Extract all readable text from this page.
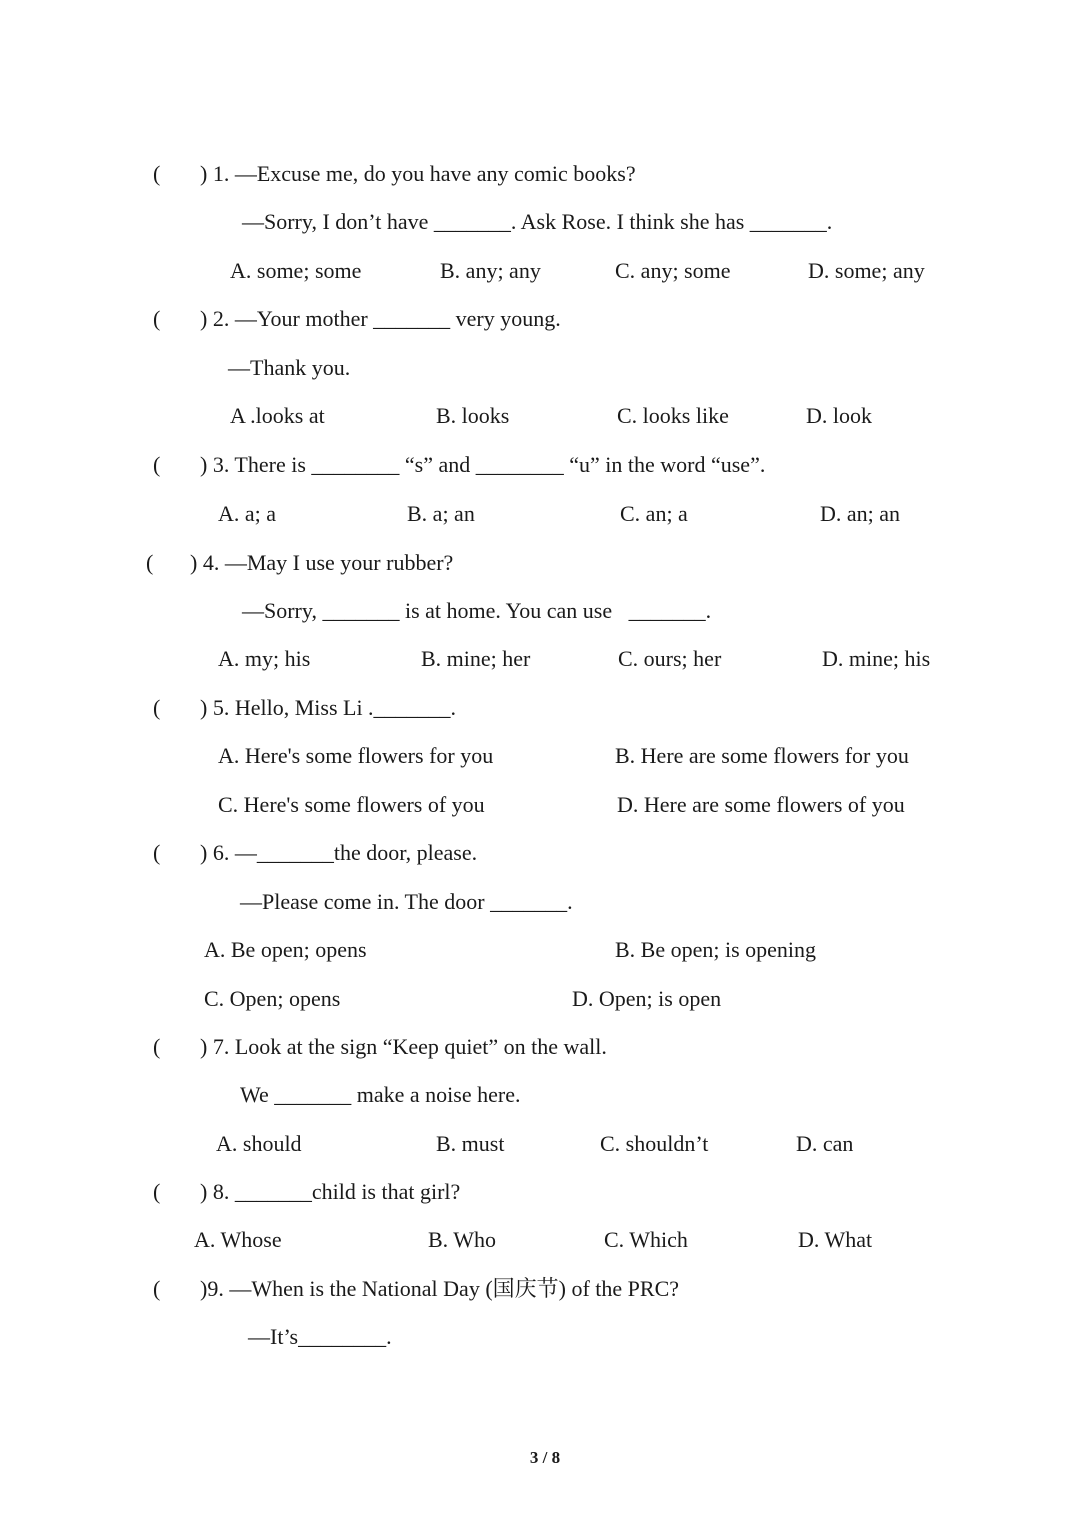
( ) 1. —Excuse me, do you have any comic books?
—Sorry, I don’t have _______. Ask Rose. I think she has _______.
A. some; some	B. any; any	C. any; some	D. some; any
( ) 2. —Your mother _______ very young.
—Thank you.
A .looks at	B. looks	C. looks like	D. look
( ) 3. There is ________ “s” and ________ “u” in the word “use”.
A. a; a	B. a; an	C. an; a	D. an; an
( ) 4. —May I use your rubber?
—Sorry, _______ is at home. You can use   _______.
A. my; his	B. mine; her	C. ours; her	D. mine; his
( ) 5. Hello, Miss Li ._______.
A. Here's some flowers for you	B. Here are some flowers for you
C. Here's some flowers of you	D. Here are some flowers of you
( ) 6. —_______the door, please.
—Please come in. The door _______.
A. Be open; opens	B. Be open; is opening
C. Open; opens	D. Open; is open
( ) 7. Look at the sign “Keep quiet” on the wall.
We _______ make a noise here.
A. should	B. must	C. shouldn’t	D. can
( ) 8. _______child is that girl?
A. Whose	B. Who	C. Which	D. What
( )9. —When is the National Day (国庆节) of the PRC?
—It’s________.
3 / 8
